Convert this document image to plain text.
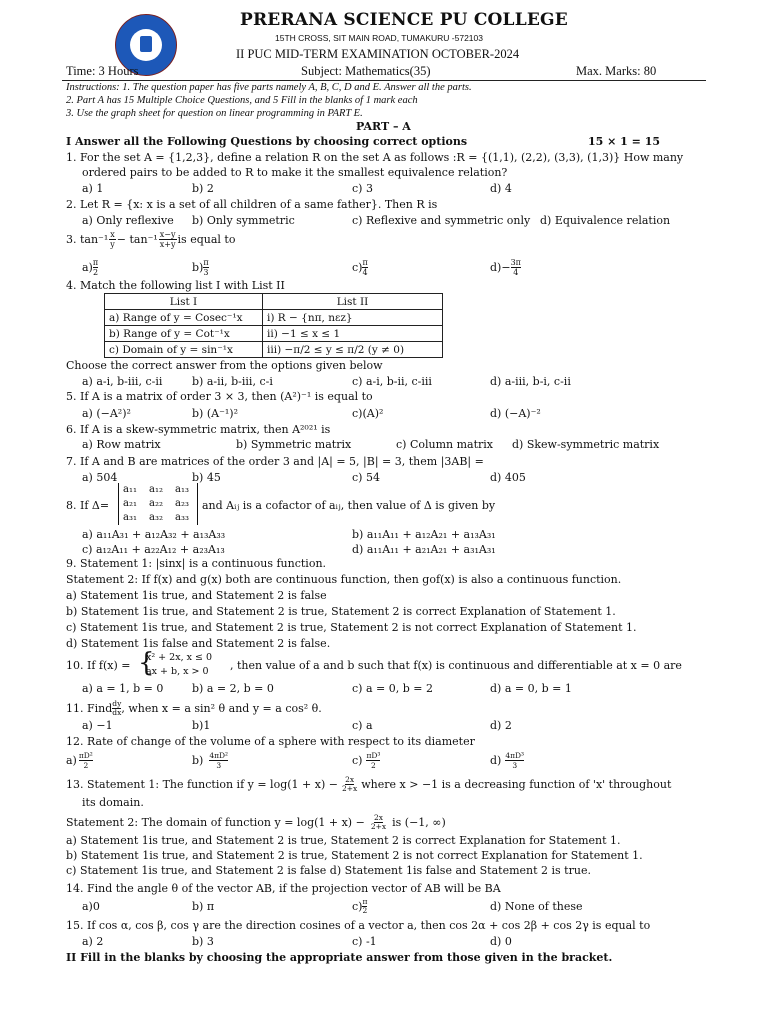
PRERANA SCIENCE PU COLLEGE
15TH CROSS, SIT MAIN ROAD, TUMAKURU -572103
II PUC MID-TERM EXAMINATION OCTOBER-2024
Time: 3 Hours	Subject: Mathematics(35)	Max. Marks: 80
Instructions: 1. The question paper has five parts namely A, B, C, D and E. Answer all the parts.
2. Part A has 15 Multiple Choice Questions, and 5 Fill in the blanks of 1 mark each
3. Use the graph sheet for question on linear programming in PART E.
PART – A
I Answer all the Following Questions by choosing correct options	15 × 1 = 15
1. For the set A = {1,2,3}, define a relation R on the set A as follows :R = {(1,1), (2,2), (3,3), (1,3)} How many
ordered pairs to be added to R to make it the smallest equivalence relation?
a) 1	b) 2	c) 3	d) 4
2. Let R = {x: x is a set of all children of a same father}. Then R is
a) Only reflexive b) Only symmetric	c) Reflexive and symmetric only d) Equivalence relation
3. $\tan^{-1} \frac{x}{y} - \tan^{-1} \frac{x-y}{x+y}$ is equal to
$a) \frac{\pi}{2}$	$b) \frac{\pi}{3}$	$c) \frac{\pi}{4}$	$d)- \frac{3\pi}{4}$
4. Match the following list I with List II
List I	List II
a) Range of y = Cosec⁻¹x	i) R − {nπ, nεz}
b) Range of y = Cot⁻¹x	ii) −1 ≤ x ≤ 1
c) Domain of y = sin⁻¹x	iii) −π/2 ≤ y ≤ π/2 (y ≠ 0)
Choose the correct answer from the options given below
a) a-i, b-iii, c-ii	b) a-ii, b-iii, c-i	c) a-i, b-ii, c-iii	d) a-iii, b-i, c-ii
5. If A is a matrix of order 3 × 3, then (A²)⁻¹ is equal to
a) (−A²)²	b) (A⁻¹)²	c)(A)²	d) (−A)⁻²
6. If A is a skew-symmetric matrix, then A²⁰²¹ is
a) Row matrix	b) Symmetric matrix	c) Column matrix d) Skew-symmetric matrix
7. If A and B are matrices of the order 3 and |A| = 5, |B| = 3, them |3AB| =
a) 504	b) 45	c) 54	d) 405
8. If Δ=
a₁₁ a₁₂ a₁₃
a₂₁ a₂₂ a₂₃
a₃₁ a₃₂ a₃₃
and Aᵢⱼ is a cofactor of aᵢⱼ, then value of Δ is given by
a) a₁₁A₃₁ + a₁₂A₃₂ + a₁₃A₃₃	b) a₁₁A₁₁ + a₁₂A₂₁ + a₁₃A₃₁
c) a₁₂A₁₁ + a₂₂A₁₂ + a₂₃A₁₃	d) a₁₁A₁₁ + a₂₁A₂₁ + a₃₁A₃₁
9. Statement 1: |sinx| is a continuous function.
Statement 2: If f(x) and g(x) both are continuous function, then gof(x) is also a continuous function.
a) Statement 1is true, and Statement 2 is false
b) Statement 1is true, and Statement 2 is true, Statement 2 is correct Explanation of Statement 1.
c) Statement 1is true, and Statement 2 is true, Statement 2 is not correct Explanation of Statement 1.
d) Statement 1is false and Statement 2 is false.
10. If f(x) = {
x² + 2x, x ≤ 0
ax + b, x > 0 , then value of a and b such that f(x) is continuous and differentiable at x = 0 are
a) a = 1, b = 0	b) a = 2, b = 0	c) a = 0, b = 2	d) a = 0, b = 1
11. Find $\frac{dy}{dx}$ , when x = a sin² θ and y = a cos² θ.
a) −1	b)1	c) a	d) 2
12. Rate of change of the volume of a sphere with respect to its diameter
$a) \frac{\text{πD²}}{2}$	$b) \frac{\text{4πD²}}{3}$	$c) \frac{\text{πD³}}{2}$	$d) \frac{\text{4πD³}}{3}$
13. Statement 1: The function if $y = \log(1 + x) - \frac{2x}{2+x}$ where x > −1 is a decreasing function of 'x' throughout
its domain.
Statement 2: The domain of function $y = \log(1 + x) - \frac{2x}{2+x}$ is (−1, ∞)
a) Statement 1is true, and Statement 2 is true, Statement 2 is correct Explanation for Statement 1.
b) Statement 1is true, and Statement 2 is true, Statement 2 is not correct Explanation for Statement 1.
c) Statement 1is true, and Statement 2 is false d) Statement 1is false and Statement 2 is true.
14. Find the angle θ of the vector AB, if the projection vector of AB will be BA
a)0	b) π	$c) \frac{\pi}{2}$	d) None of these
15. If cos α, cos β, cos γ are the direction cosines of a vector a, then cos 2α + cos 2β + cos 2γ is equal to
a) 2	b) 3	c) -1	d) 0
II Fill in the blanks by choosing the appropriate answer from those given in the bracket.
